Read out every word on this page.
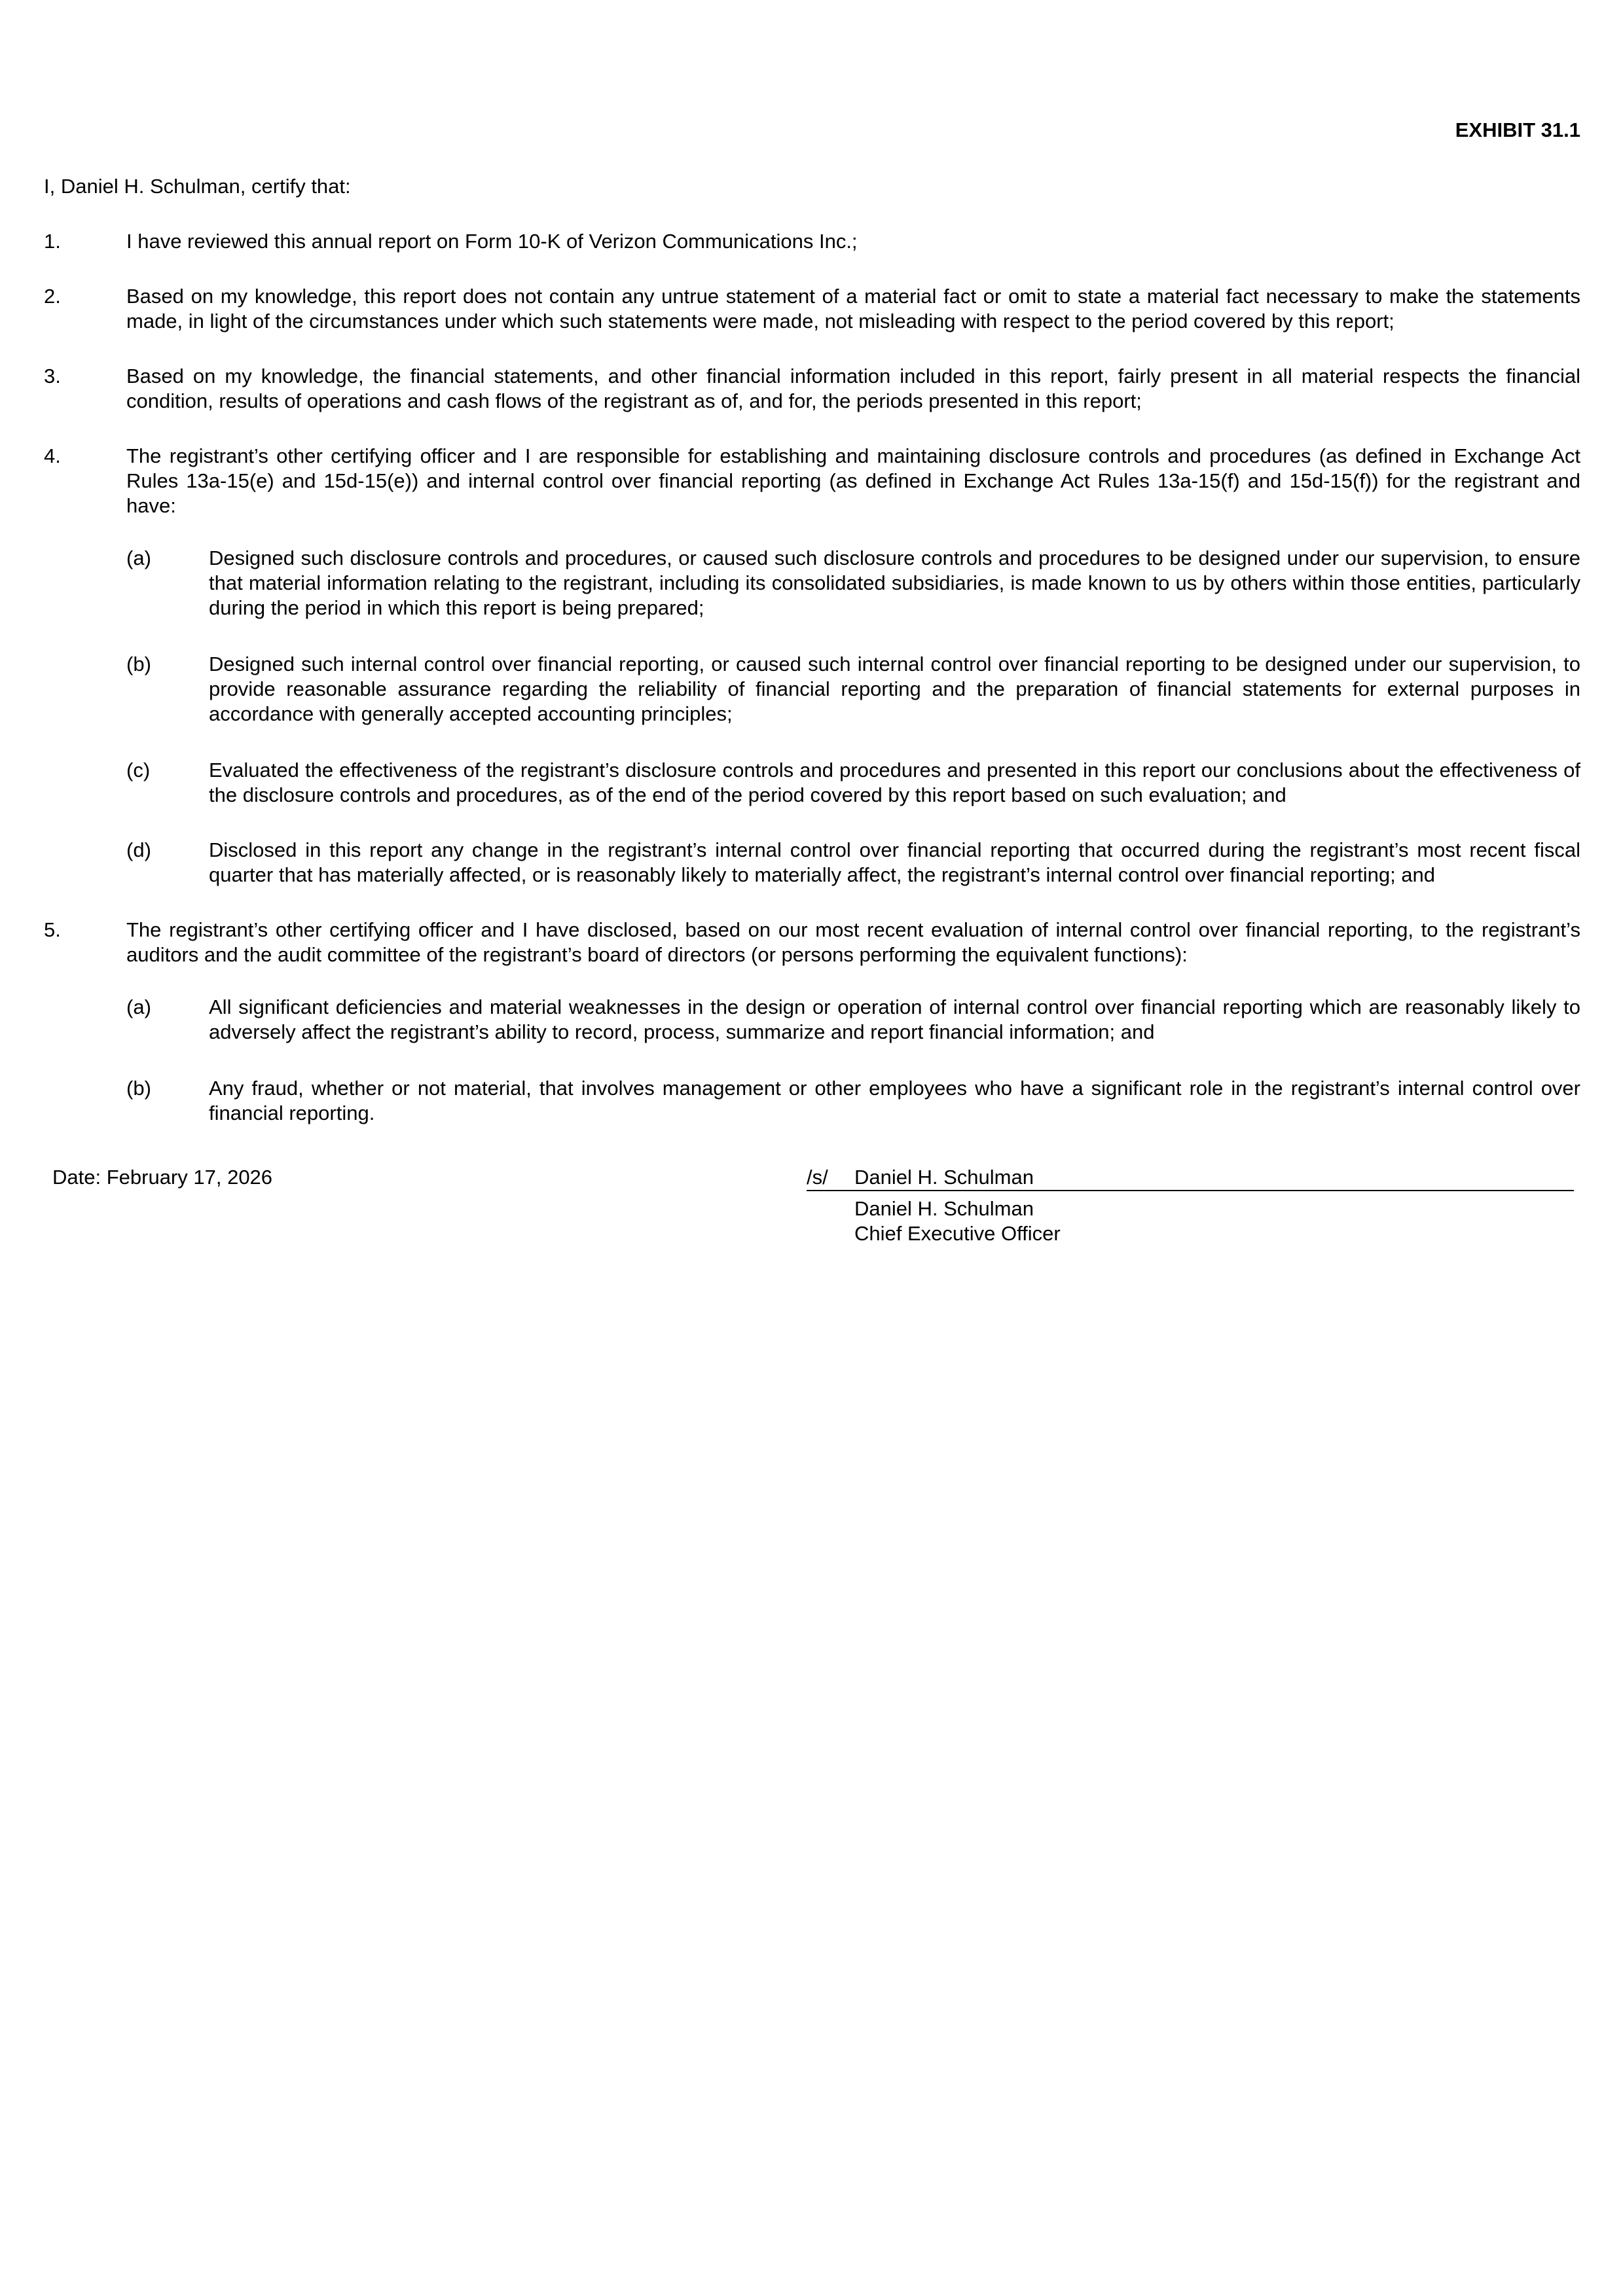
EXHIBIT 31.1
I, Daniel H. Schulman, certify that:
1.	I have reviewed this annual report on Form 10-K of Verizon Communications Inc.;
2.	Based on my knowledge, this report does not contain any untrue statement of a material fact or omit to state a material fact necessary to make the statements made, in light of the circumstances under which such statements were made, not misleading with respect to the period covered by this report;
3.	Based on my knowledge, the financial statements, and other financial information included in this report, fairly present in all material respects the financial condition, results of operations and cash flows of the registrant as of, and for, the periods presented in this report;
4.	The registrant’s other certifying officer and I are responsible for establishing and maintaining disclosure controls and procedures (as defined in Exchange Act Rules 13a-15(e) and 15d-15(e)) and internal control over financial reporting (as defined in Exchange Act Rules 13a-15(f) and 15d-15(f)) for the registrant and have:
(a)	Designed such disclosure controls and procedures, or caused such disclosure controls and procedures to be designed under our supervision, to ensure that material information relating to the registrant, including its consolidated subsidiaries, is made known to us by others within those entities, particularly during the period in which this report is being prepared;
(b)	Designed such internal control over financial reporting, or caused such internal control over financial reporting to be designed under our supervision, to provide reasonable assurance regarding the reliability of financial reporting and the preparation of financial statements for external purposes in accordance with generally accepted accounting principles;
(c)	Evaluated the effectiveness of the registrant’s disclosure controls and procedures and presented in this report our conclusions about the effectiveness of the disclosure controls and procedures, as of the end of the period covered by this report based on such evaluation; and
(d)	Disclosed in this report any change in the registrant’s internal control over financial reporting that occurred during the registrant’s most recent fiscal quarter that has materially affected, or is reasonably likely to materially affect, the registrant’s internal control over financial reporting; and
5.	The registrant’s other certifying officer and I have disclosed, based on our most recent evaluation of internal control over financial reporting, to the registrant’s auditors and the audit committee of the registrant’s board of directors (or persons performing the equivalent functions):
(a)	All significant deficiencies and material weaknesses in the design or operation of internal control over financial reporting which are reasonably likely to adversely affect the registrant’s ability to record, process, summarize and report financial information; and
(b)	Any fraud, whether or not material, that involves management or other employees who have a significant role in the registrant’s internal control over financial reporting.
Date: February 17, 2026	/s/ Daniel H. Schulman
Daniel H. Schulman
Chief Executive Officer
